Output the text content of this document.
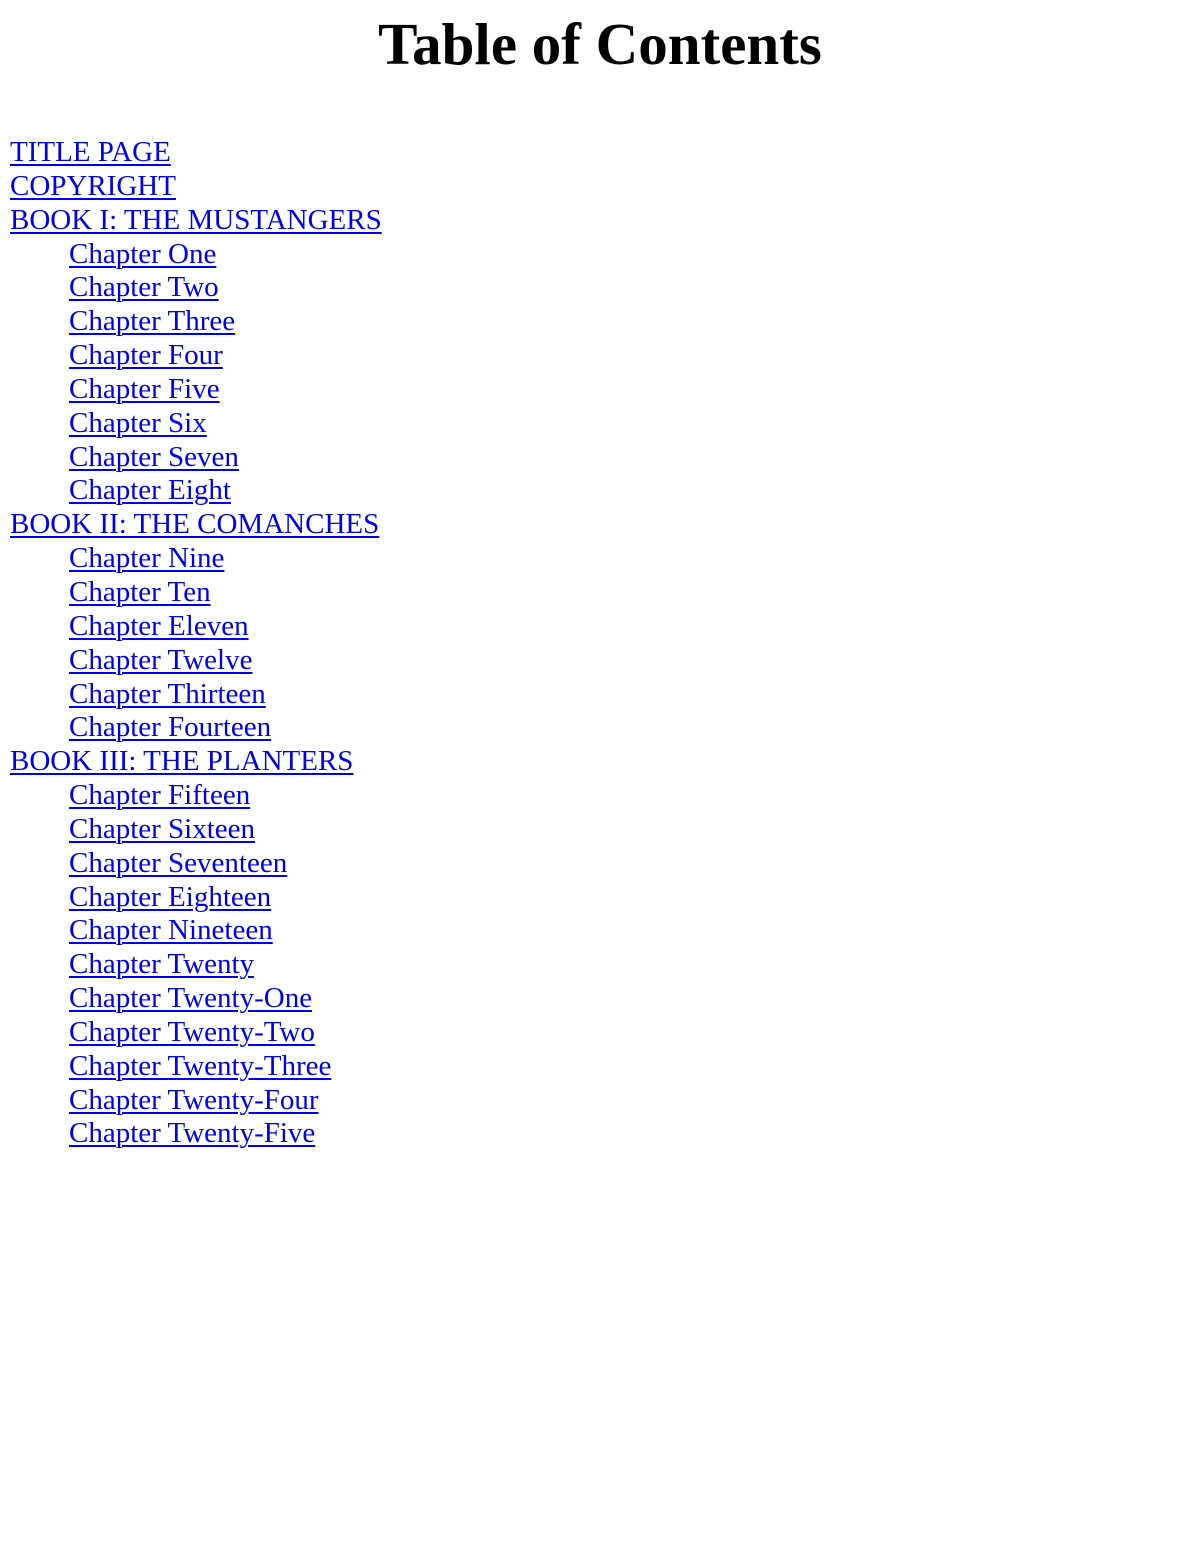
Table of Contents
TITLE PAGE
COPYRIGHT
BOOK I: THE MUSTANGERS
Chapter One
Chapter Two
Chapter Three
Chapter Four
Chapter Five
Chapter Six
Chapter Seven
Chapter Eight
BOOK II: THE COMANCHES
Chapter Nine
Chapter Ten
Chapter Eleven
Chapter Twelve
Chapter Thirteen
Chapter Fourteen
BOOK III: THE PLANTERS
Chapter Fifteen
Chapter Sixteen
Chapter Seventeen
Chapter Eighteen
Chapter Nineteen
Chapter Twenty
Chapter Twenty-One
Chapter Twenty-Two
Chapter Twenty-Three
Chapter Twenty-Four
Chapter Twenty-Five
